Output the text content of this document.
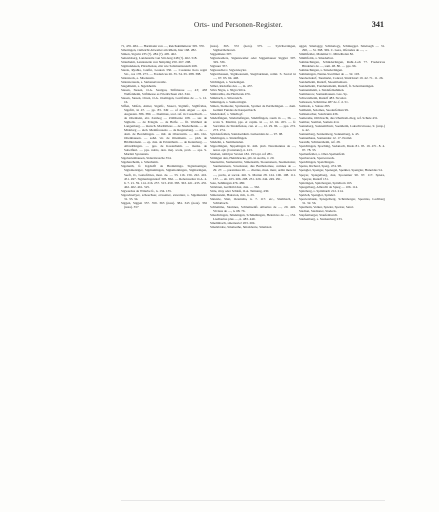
Orts- und Personen-Register.	341
71, 435. 484. — Hartmann von —, Reichskämmerer 305. 370.
Sibotingen, vielleicht Abweiler am Rhein, hier 168. 282.
Simon, Sigwin 235 (?). 284 (?). 495. 462.
Seitzelsberg, Landesteile von Sitt-berg 248 (?). 462. 518.
Sitterheim, Landesteile von Simpling 250. 267. 298.
Sigmundeuen, Pürschenau, ebn wie Salzmannsreuth 268.
Siesla, Ryahia, Grafin, Leokan 350. — Costanze hora regni Sic., cos 178. 273. — Fredericus 26. 35. 54. 65. 288. 398.
Sidersteck, e. Sibenstein.
Sidersteraude, s. Siebenertswalde.
Siegelheim, s. Sigelsheim.
Siesen, Siesen, O.A. Saulgau, Stiftmesse —, 43; 438 Welfenheim, Stiftmesse es Friedrichsen 242. 344.
Siesen, Siesen, Orren, O.A. Oselingen, Gottfridus de — v. 12. 16.
Siffen, Sibfen, Almer, Sigalfr., Sissert, Sigmtfr., Sigilfridus, Sigefrit, in 47. — pp. 83. 349 — of dum Algen — eps. Augustan. 386. 380. — Dominus, scol. ref. in Cosselbach. — de Ottenbein, ebr. Zanbog — Zittliberne 108. — ser. de Sigholts. — de Erlagin. — de Helfe. — fil. Waltheri de Langenberg. — marsch. Maribilleus — de Niederhersk. — de Midelorg — aleb. Meinfrousens — de Regensburg. — de — dom. de Bordelingen. — mil. de Oberstetin. — abb. Ost-Ottenhausen. — sohd. vir. de Ottenhenn. — plsh. de Bildbindsein. — ep. dux. de Ertsinthem. — de Keienberg. — Albreitlingen. — pps. de Kosterheim. — marks. de Sobelfieri. — pps. nobis, don. maj. scola, prab. — aps. S. Martini Syonensis.
Sigebartenhausen, Sidersbrasche 354.
Sigeharzheim, s. Siberheim.
Sigelanth, fr. Kgdsdfl de Bremminga. Sigismontiger, Sigismontiger, Sigmuntingen, Sigismontingen, Sigmaringen, Seeft, O., Gottofrities, mon. de. — 33. 116. 156. 222. 416. 451. 497. Sigmaringendorf 305. 862. — Rebenweiler O.A. 4. 6. 7. 21. 59. 114. 216. 257. 313. 450. 383. 363. 421. 433. 455. 462. 402. 461. 525.
Sigwardus de Wilerbe fr., n. 134. 135.
Sigewinerlyer, scheechser, exwenter, exwenter, s. Sigemunder 31. 33. 34.
Siggen, Siggen 357. 359. 363 (note). 384. 345 (nota). 356 (nota). 357
(nota). 365. 372 (nota). 375. — Sylvibertingen, Sigiberthebrewn.
Siggenheus 307.
Siglauweilers, Sigunsweiler oder Siggenlauser Siggler 307. 329. 336.
Siglauer 357.
Siglouschet r. Sigwiuwyler.
Siglertbausen, Signbeaurem, Siegtburnnen, remit. S. Sacrel in —, 97. 93. 94. 448.
Silchingen, s. Sorneingen.
Silber, Radolfus des —, m. 437.
Silva Nigra, s. Nigra Silva.
Simbrathia, die Hertlerek 476.
Simmach, s. Silwereich.
Simningen, s. Sumorringin.
Simon, Siemoder, Syemonde, Syemoi de Perthelingen. — dom. Gemini Fundas de Kaupertbach.
Sindelsdorf, s. Smidloyf.
Sindelfingen, Sindalrefingen, Sindilfingen, roum in —, 36. — scola S. Martini, pps. et capitu. in —, 12. 64. 455. — fr. Sortridus de Sindelfenau, can. et —, 12. 29. 96. — pps. 272. 273. 274.
Syndolofelden, Saindoeldum. Luileenlan de — 97. 98.
Sindringen, s. Sindelfingen.
Sindelin, s. Summanslen.
Sippollingen, Sippelingen R. 446. plab. Neremannus de —, notar. epl. (Constanz), n. 413.
Sireben, rubblyer Savien 182. 193 epl. ref 281.
Sittingen den, Heimbrucke, plb. in Aecha, v. 20.
Siuensitiw, Siemensitiw, Simensstm, Siouensteen, Suemensirer, Suemensteen, Savensteer, dus Bartholomae, comnes de — 29. 27. — parantissa 20. — cherius, mon. merr, ordin mere in —, prebs, et sacrat. mil. S. Marian 28. 124. 106. 108. 111. 137. — alt. 105. 206. 208. 231. 226. 244. 249. 291.
Sole, Sehhingen 476. 480.
Sirlsbren, Gerbbild dux, dux. — 362.
Sirle, ritay oder Schloß, O.A. Tettnang, 430.
Simonstein, Haireton, mil., n. 29.
Slatzele, Slatt, Ozernsha, n. 7. 117. etc., Slathbach, s. Schlatbach.
Schlemme, Slomnes, Schlemsenfi. Albertus de —, 29. 426. Vivisus de —, n. 68. 76.
Smachringen, Smekingen, Schmehingen, Helericus de —, 152. Liedbertus plus —, n. 483. 440.
Smelinbach, smernorte! 203. 204.
Smalsbrabe, Smalsethe, Smalsberte, Smalsten
uggel, Smalaggy, Schmalogy, Schmuggel. Smelsegh — 31. 290, — St. 368. 369. C. Gere, Oferudes de —, ...
Smithfelder, Manmier C. Mittelholen 82.
Smithfolds, s. Smederbur.
Sohmachingen, Schniderlingen, Ruht.-Loh 77. Fredericus Bindelers de —, sam. 48. 80. — pps. 96.
Sohmachingen, s. Sniederlingen.
Sohmeingen, Nenne-Swelliner de — 32. 103.
Sneckelsdorf, Tuomarkt, Conrad, Sindrlstorl 19. 42. 71. 11. 26.
Sonderheim, Rudolf, Snoemlomsen.
Sonderheim, Fondurusheim, Rudolf, fr. Sebermaningen.
Sonnensheim, s. Sindefelnahmen.
Sommerow, Sonneshausen. Gas. Sp.
Schwarzheim, Rudolf 483. Sicotter.
Sollessen, Schmitloe 487 de. f. d. 51.
Solitudo, s. Suisse 283.
Soltheim, Solomes, Seoderfeliten 99.
Sollnenacher, Solebrunn 436.
Somerehe, Ottbbrecht, dus Uheibreh-cheg, ref. Schule 431.
Somber, Sombei, Someis 414.
Sonneberg, Sonnemthwir, Soenheim, Lakschvstrosse, 9. (ursp.) n. 42.
Sonnenberg, Sonnenberg, Sonnenberg, n. 43.
Sonnenhaus, Sonnendaz 12. 17. Eremd.
Sorenhi, Schmersheim, ref. 28.
Spaichingen, Spaching, Sadanach, Dudo 81. 95. 19. 471. 8. 4. 97. 78. 33.
Spaltenfelder, s. Ober-Spaltenfeld.
Sparberseck, Sparwerseck.
Speichingen, Speichingen.
Speiss, Richard, Sperg. 474. 98.
Spengler, Spenger, Spenegel, Spenher, Spengler, Hunoldas 54.
Speyer, Spiegelberg, dux, Sporenner 90. 97. 117. Spiera, Speyer, Rudolf 131.
Spitzingen, Spitzbergen, Spitzhorn 163.
Spiegelberg, Albrecht de Spieg — 106. 114.
Spitzberg, s. Spitzhardt 212. 214.
Spörleh, Spengler, Spindel.
Sportersbank, Spiegelberg, Schönberger, Sporniss, Lachberg 31. 32. 56.
Spielbein, Volker, Spieler, Speirer, Sanct.
Stadion, Stadioner, Stadeck.
Stapfenberger, Staufenburch.
Starkenberg, s. Starkenberg 233.
